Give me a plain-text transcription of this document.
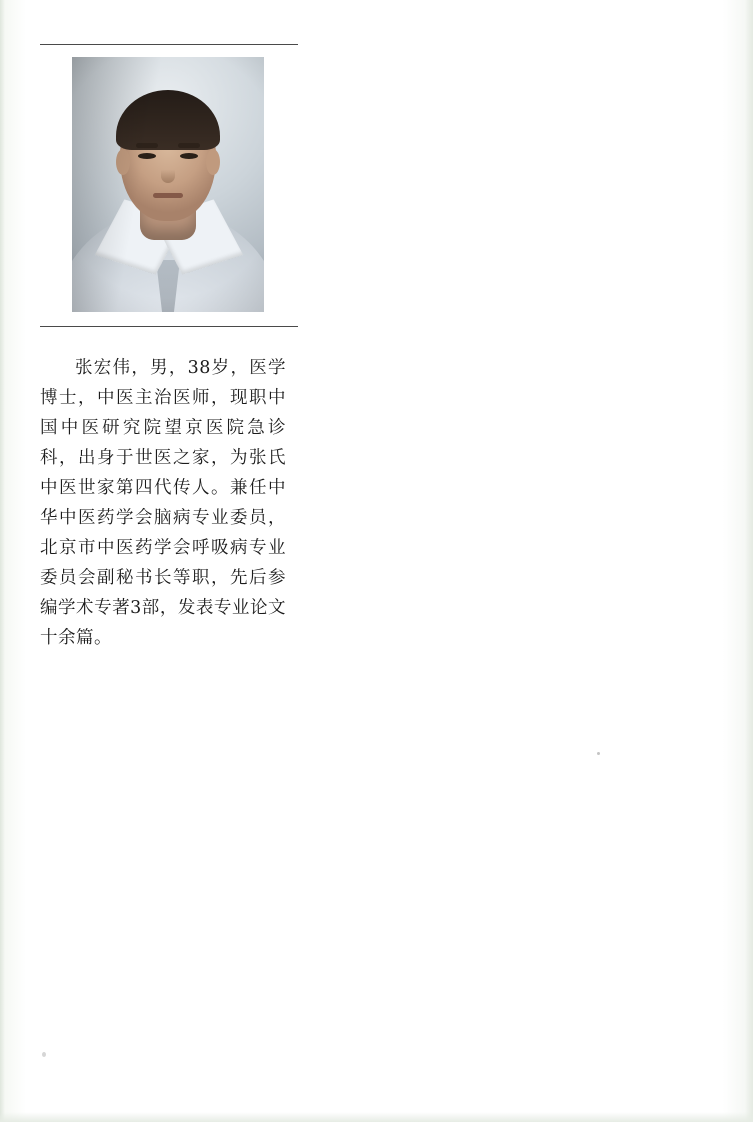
张宏伟，男，38岁，医学博士，中医主治医师，现职中国中医研究院望京医院急诊科，出身于世医之家，为张氏中医世家第四代传人。兼任中华中医药学会脑病专业委员，北京市中医药学会呼吸病专业委员会副秘书长等职，先后参编学术专著3部，发表专业论文十余篇。
